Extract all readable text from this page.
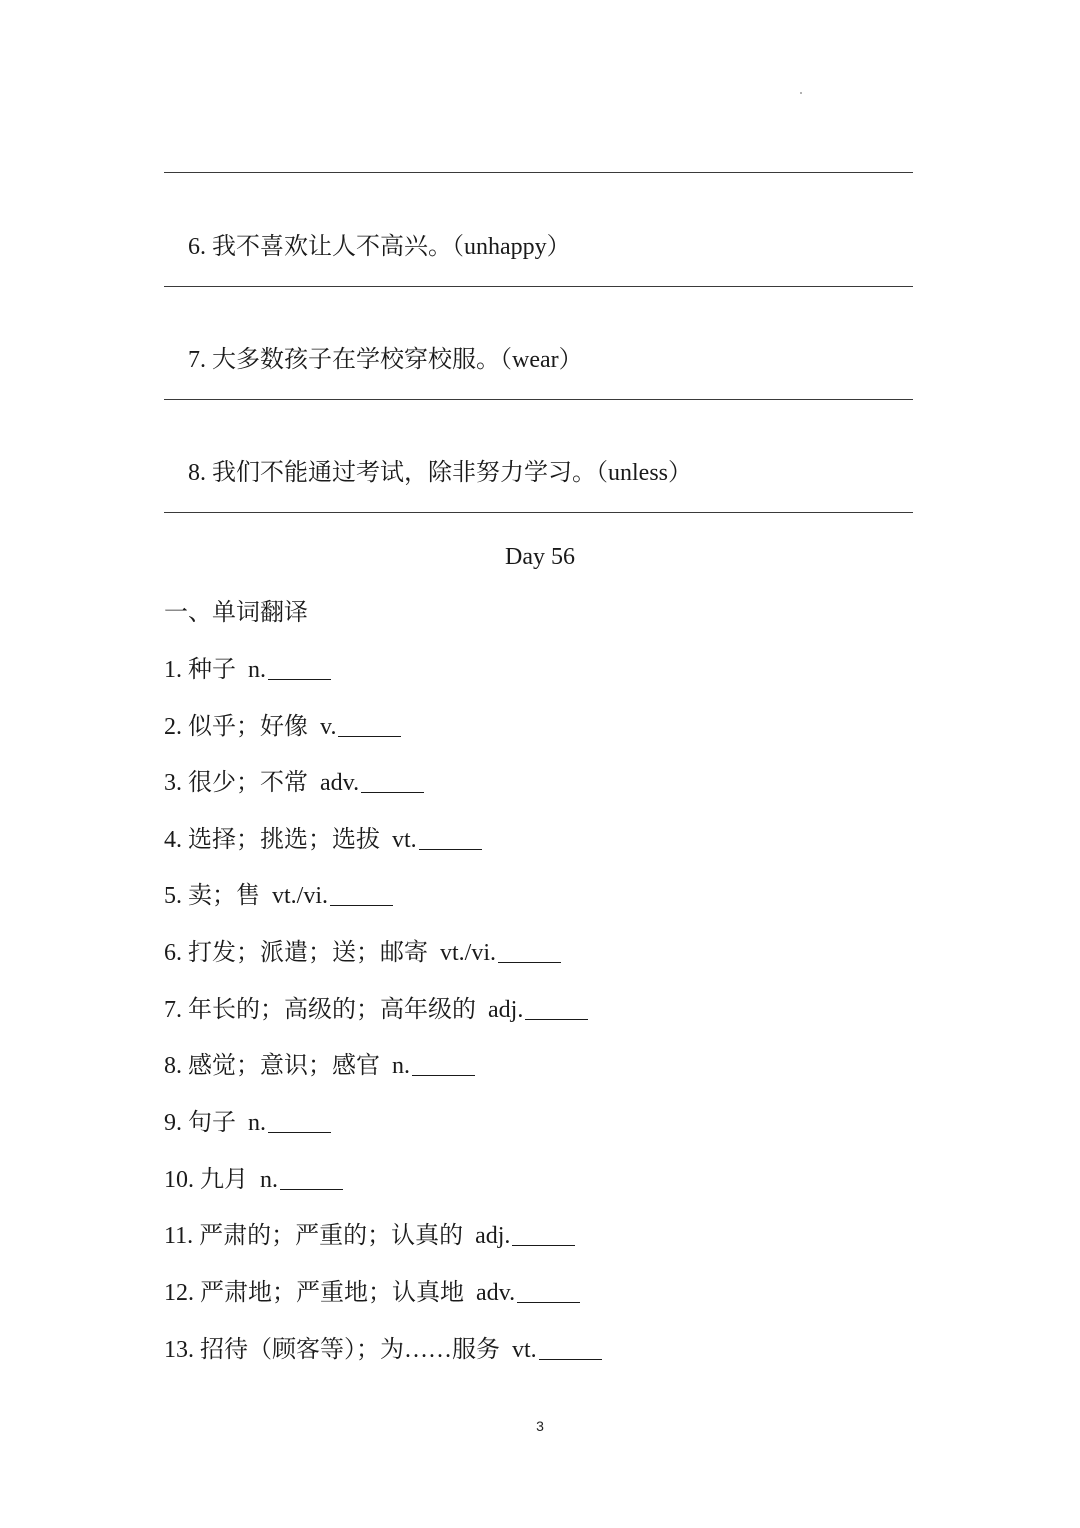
6. 我不喜欢让人不高兴。（unhappy）

7. 大多数孩子在学校穿校服。（wear）

8. 我们不能通过考试，除非努力学习。（unless）

Day 56
一、单词翻译
1. 种子  n.
2. 似乎；好像  v.
3. 很少；不常  adv.
4. 选择；挑选；选拔  vt.
5. 卖；售  vt./vi.
6. 打发；派遣；送；邮寄  vt./vi.
7. 年长的；高级的；高年级的  adj.
8. 感觉；意识；感官  n.
9. 句子  n.
10. 九月  n.
11. 严肃的；严重的；认真的  adj.
12. 严肃地；严重地；认真地  adv.
13. 招待（顾客等）；为……服务  vt.
3
